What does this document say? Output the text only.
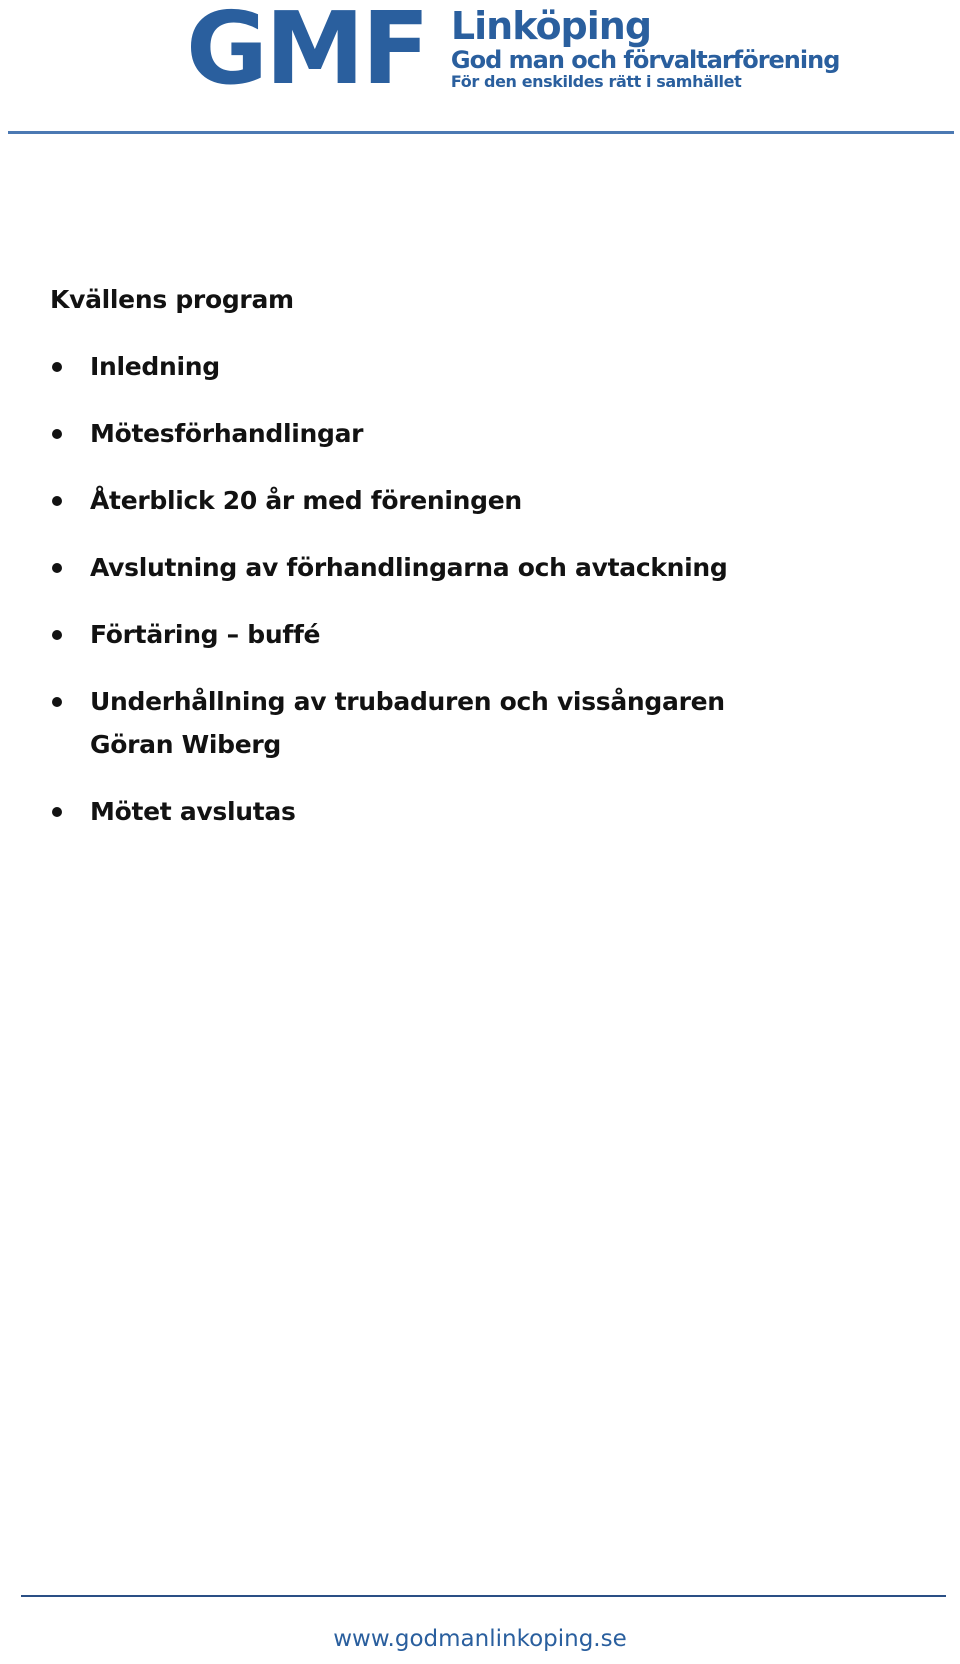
GMF Linköping
God man och förvaltarförening
För den enskildes rätt i samhället
Kvällens program
Inledning
Mötesförhandlingar
Återblick 20 år med föreningen
Avslutning av förhandlingarna och avtackning
Förtäring – buffé
Underhållning av trubaduren och vissångaren Göran Wiberg
Mötet avslutas
www.godmanlinkoping.se
